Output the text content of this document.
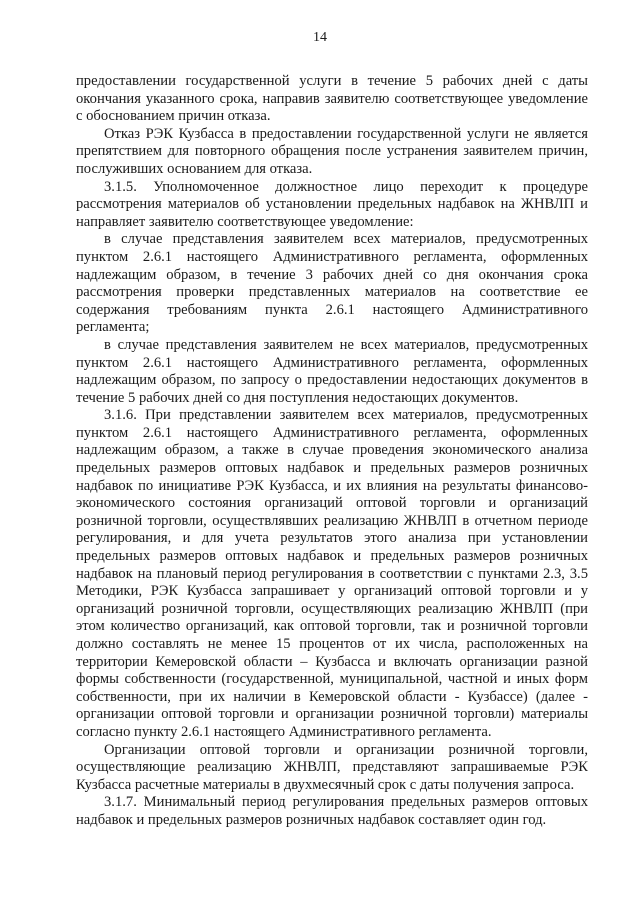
14

предоставлении государственной услуги в течение 5 рабочих дней с даты окончания указанного срока, направив заявителю соответствующее уведомление с обоснованием причин отказа.

Отказ РЭК Кузбасса в предоставлении государственной услуги не является препятствием для повторного обращения после устранения заявителем причин, послуживших основанием для отказа.

3.1.5. Уполномоченное должностное лицо переходит к процедуре рассмотрения материалов об установлении предельных надбавок на ЖНВЛП и направляет заявителю соответствующее уведомление:

в случае представления заявителем всех материалов, предусмотренных пунктом 2.6.1 настоящего Административного регламента, оформленных надлежащим образом, в течение 3 рабочих дней со дня окончания срока рассмотрения проверки представленных материалов на соответствие ее содержания требованиям пункта 2.6.1 настоящего Административного регламента;

в случае представления заявителем не всех материалов, предусмотренных пунктом 2.6.1 настоящего Административного регламента, оформленных надлежащим образом, по запросу о предоставлении недостающих документов в течение 5 рабочих дней со дня поступления недостающих документов.

3.1.6. При представлении заявителем всех материалов, предусмотренных пунктом 2.6.1 настоящего Административного регламента, оформленных надлежащим образом, а также в случае проведения экономического анализа предельных размеров оптовых надбавок и предельных размеров розничных надбавок по инициативе РЭК Кузбасса, и их влияния на результаты финансово-экономического состояния организаций оптовой торговли и организаций розничной торговли, осуществлявших реализацию ЖНВЛП в отчетном периоде регулирования, и для учета результатов этого анализа при установлении предельных размеров оптовых надбавок и предельных размеров розничных надбавок на плановый период регулирования в соответствии с пунктами 2.3, 3.5 Методики, РЭК Кузбасса запрашивает у организаций оптовой торговли и у организаций розничной торговли, осуществляющих реализацию ЖНВЛП (при этом количество организаций, как оптовой торговли, так и розничной торговли должно составлять не менее 15 процентов от их числа, расположенных на территории Кемеровской области – Кузбасса и включать организации разной формы собственности (государственной, муниципальной, частной и иных форм собственности, при их наличии в Кемеровской области - Кузбассе) (далее - организации оптовой торговли и организации розничной торговли) материалы согласно пункту 2.6.1 настоящего Административного регламента.

Организации оптовой торговли и организации розничной торговли, осуществляющие реализацию ЖНВЛП, представляют запрашиваемые РЭК Кузбасса расчетные материалы в двухмесячный срок с даты получения запроса.

3.1.7. Минимальный период регулирования предельных размеров оптовых надбавок и предельных размеров розничных надбавок составляет один год.
